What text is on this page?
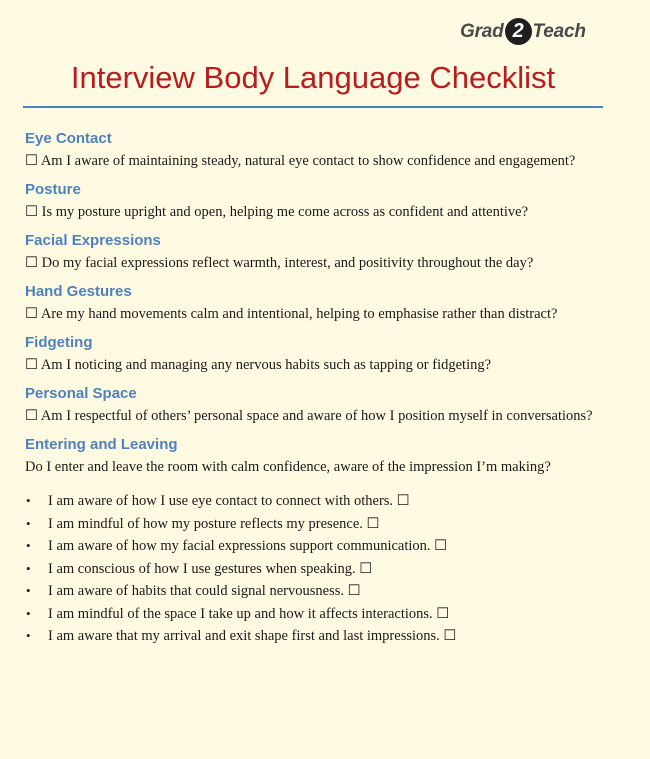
Grad 2 Teach
Interview Body Language Checklist

Eye Contact

☐ Am I aware of maintaining steady, natural eye contact to show confidence and engagement?

Posture

☐ Is my posture upright and open, helping me come across as confident and attentive?

Facial Expressions

☐ Do my facial expressions reflect warmth, interest, and positivity throughout the day?

Hand Gestures

☐ Are my hand movements calm and intentional, helping to emphasise rather than distract?

Fidgeting

☐ Am I noticing and managing any nervous habits such as tapping or fidgeting?

Personal Space

☐ Am I respectful of others’ personal space and aware of how I position myself in conversations?

Entering and Leaving

Do I enter and leave the room with calm confidence, aware of the impression I’m making?

• I am aware of how I use eye contact to connect with others. ☐
• I am mindful of how my posture reflects my presence. ☐
• I am aware of how my facial expressions support communication. ☐
• I am conscious of how I use gestures when speaking. ☐
• I am aware of habits that could signal nervousness. ☐
• I am mindful of the space I take up and how it affects interactions. ☐
• I am aware that my arrival and exit shape first and last impressions. ☐
